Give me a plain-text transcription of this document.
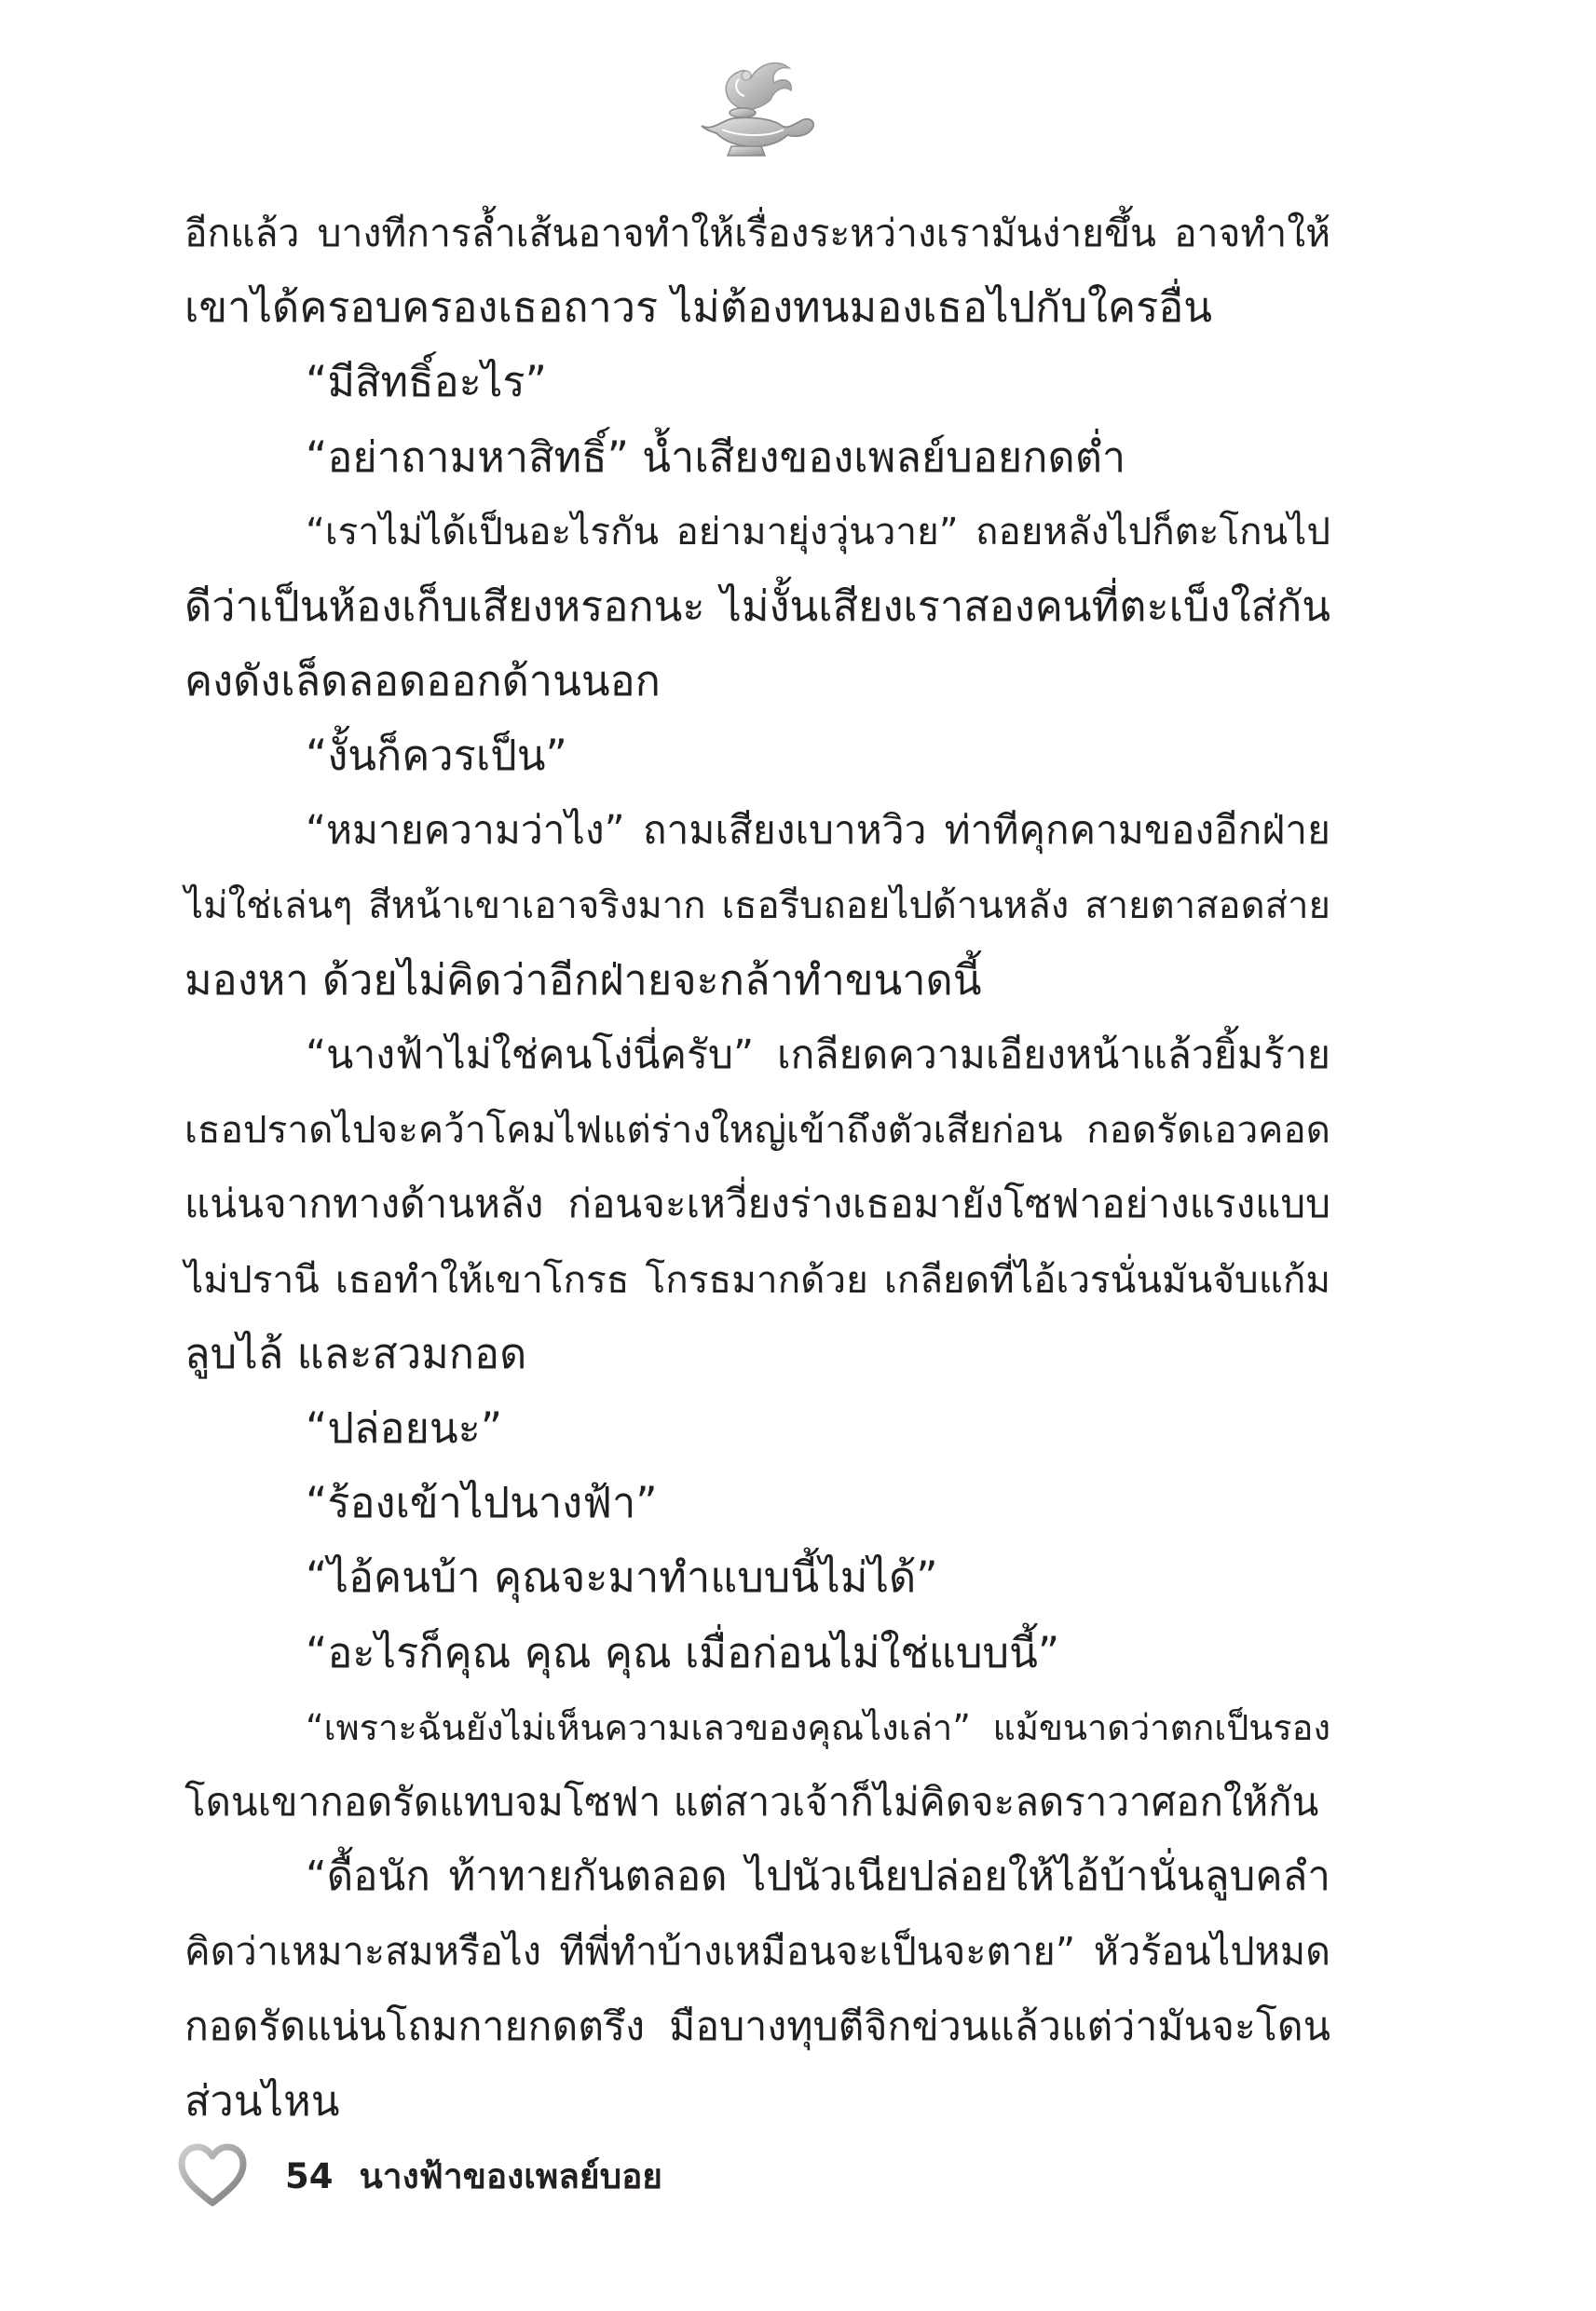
อีกแล้ว บางทีการล้ำเส้นอาจทำให้เรื่องระหว่างเรามันง่ายขึ้น อาจทำให้
เขาได้ครอบครองเธอถาวร ไม่ต้องทนมองเธอไปกับใครอื่น
“มีสิทธิ์อะไร”
“อย่าถามหาสิทธิ์” น้ำเสียงของเพลย์บอยกดต่ำ
“เราไม่ได้เป็นอะไรกัน อย่ามายุ่งวุ่นวาย” ถอยหลังไปก็ตะโกนไป
ดีว่าเป็นห้องเก็บเสียงหรอกนะ ไม่งั้นเสียงเราสองคนที่ตะเบ็งใส่กัน
คงดังเล็ดลอดออกด้านนอก
“งั้นก็ควรเป็น”
“หมายความว่าไง” ถามเสียงเบาหวิว ท่าทีคุกคามของอีกฝ่าย
ไม่ใช่เล่นๆ สีหน้าเขาเอาจริงมาก เธอรีบถอยไปด้านหลัง สายตาสอดส่าย
มองหา ด้วยไม่คิดว่าอีกฝ่ายจะกล้าทำขนาดนี้
“นางฟ้าไม่ใช่คนโง่นี่ครับ” เกลียดความเอียงหน้าแล้วยิ้มร้าย
เธอปราดไปจะคว้าโคมไฟแต่ร่างใหญ่เข้าถึงตัวเสียก่อน กอดรัดเอวคอด
แน่นจากทางด้านหลัง ก่อนจะเหวี่ยงร่างเธอมายังโซฟาอย่างแรงแบบ
ไม่ปรานี เธอทำให้เขาโกรธ โกรธมากด้วย เกลียดที่ไอ้เวรนั่นมันจับแก้ม
ลูบไล้ และสวมกอด
“ปล่อยนะ”
“ร้องเข้าไปนางฟ้า”
“ไอ้คนบ้า คุณจะมาทำแบบนี้ไม่ได้”
“อะไรก็คุณ คุณ คุณ เมื่อก่อนไม่ใช่แบบนี้”
“เพราะฉันยังไม่เห็นความเลวของคุณไงเล่า” แม้ขนาดว่าตกเป็นรอง
โดนเขากอดรัดแทบจมโซฟา แต่สาวเจ้าก็ไม่คิดจะลดราวาศอกให้กัน
“ดื้อนัก ท้าทายกันตลอด ไปนัวเนียปล่อยให้ไอ้บ้านั่นลูบคลำ
คิดว่าเหมาะสมหรือไง ทีพี่ทำบ้างเหมือนจะเป็นจะตาย” หัวร้อนไปหมด
กอดรัดแน่นโถมกายกดตรึง มือบางทุบตีจิกข่วนแล้วแต่ว่ามันจะโดน
ส่วนไหน
54 นางฟ้าของเพลย์บอย
